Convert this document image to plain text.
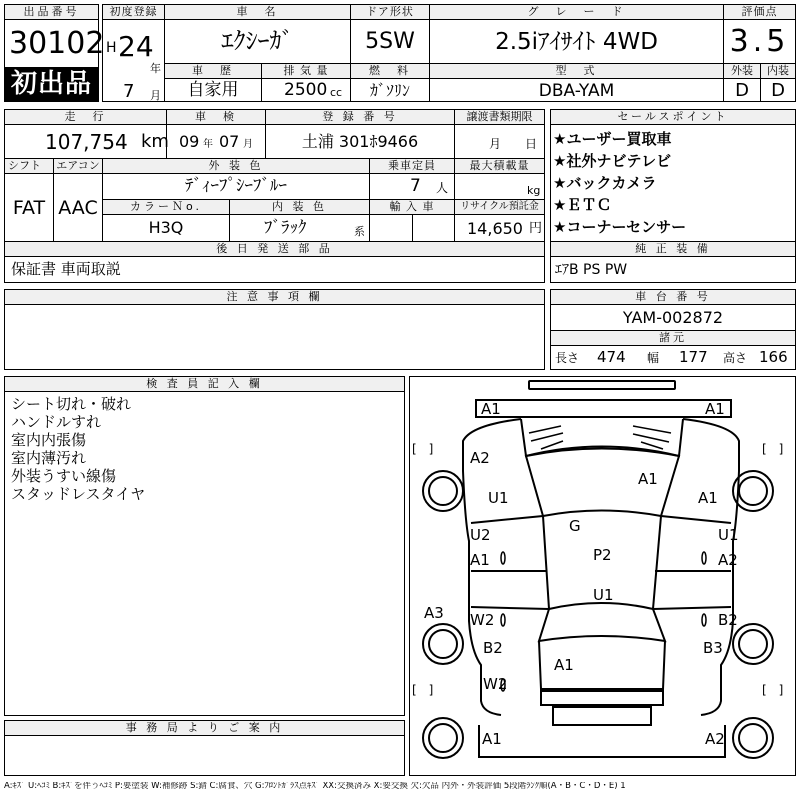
出品番号
30102
初出品
初度登録
H 24
年
7 月
車　名
ｴｸｼｰｶﾞ
ドア形状
5SW
グ　レ　ー　ド
2.5iｱｲｻｲﾄ 4WD
評価点
3.5
車　歴
自家用
排 気 量
2500 cc
燃　料
ｶﾞｿﾘﾝ
型　式
DBA-YAM
外装
D
内装
D
走　行
107,754 km
車　検
09 年 07 月
登 録 番 号
土浦 301ﾎ9466
譲渡書類期限
月 日
シフト
FAT
エアコン
AAC
外 装 色
ﾃﾞｨｰﾌﾟｼｰﾌﾞﾙｰ
乗車定員
7 人
最大積載量
kg
カラーＮo.
H3Q
内 装 色
ﾌﾞﾗｯｸ	系
輸 入 車	リサイクル預託金
14,650 円
後 日 発 送 部 品
保証書 車両取説
セールスポイント
★ユーザー買取車
★社外ナビテレビ
★バックカメラ
★ＥＴＣ
★コーナーセンサー
純 正 装 備
ｴｱB PS PW
注 意 事 項 欄	車 台 番 号
YAM-002872
諸元
長さ 474 幅 177 高さ 166
検 査 員 記 入 欄
シート切れ・破れ
ハンドルすれ
室内内張傷
室内薄汚れ
外装うすい線傷
スタッドレスタイヤ
事 務 局 よ り ご 案 内
[　]	[　]
[　]	[　]
A1	A1
A2
U1
A1
A1
G
U2	U1
A1	A2
P2
U1
A3 W2	B2
B2	B3
A1
W2
A1	A2
A:ｷｽﾞ U:ﾍｺﾐ B:ｷｽﾞを伴うﾍｺﾐ P:要塗装 W:補修跡 S:錆 C:腐食、穴 G:ﾌﾛﾝﾄｶﾞﾗｽ点ｷｽﾞ XX:交換済み X:要交換 欠:欠品 内外・外装評価 5段階ﾗﾝｸ順(A・B・C・D・E) 1
